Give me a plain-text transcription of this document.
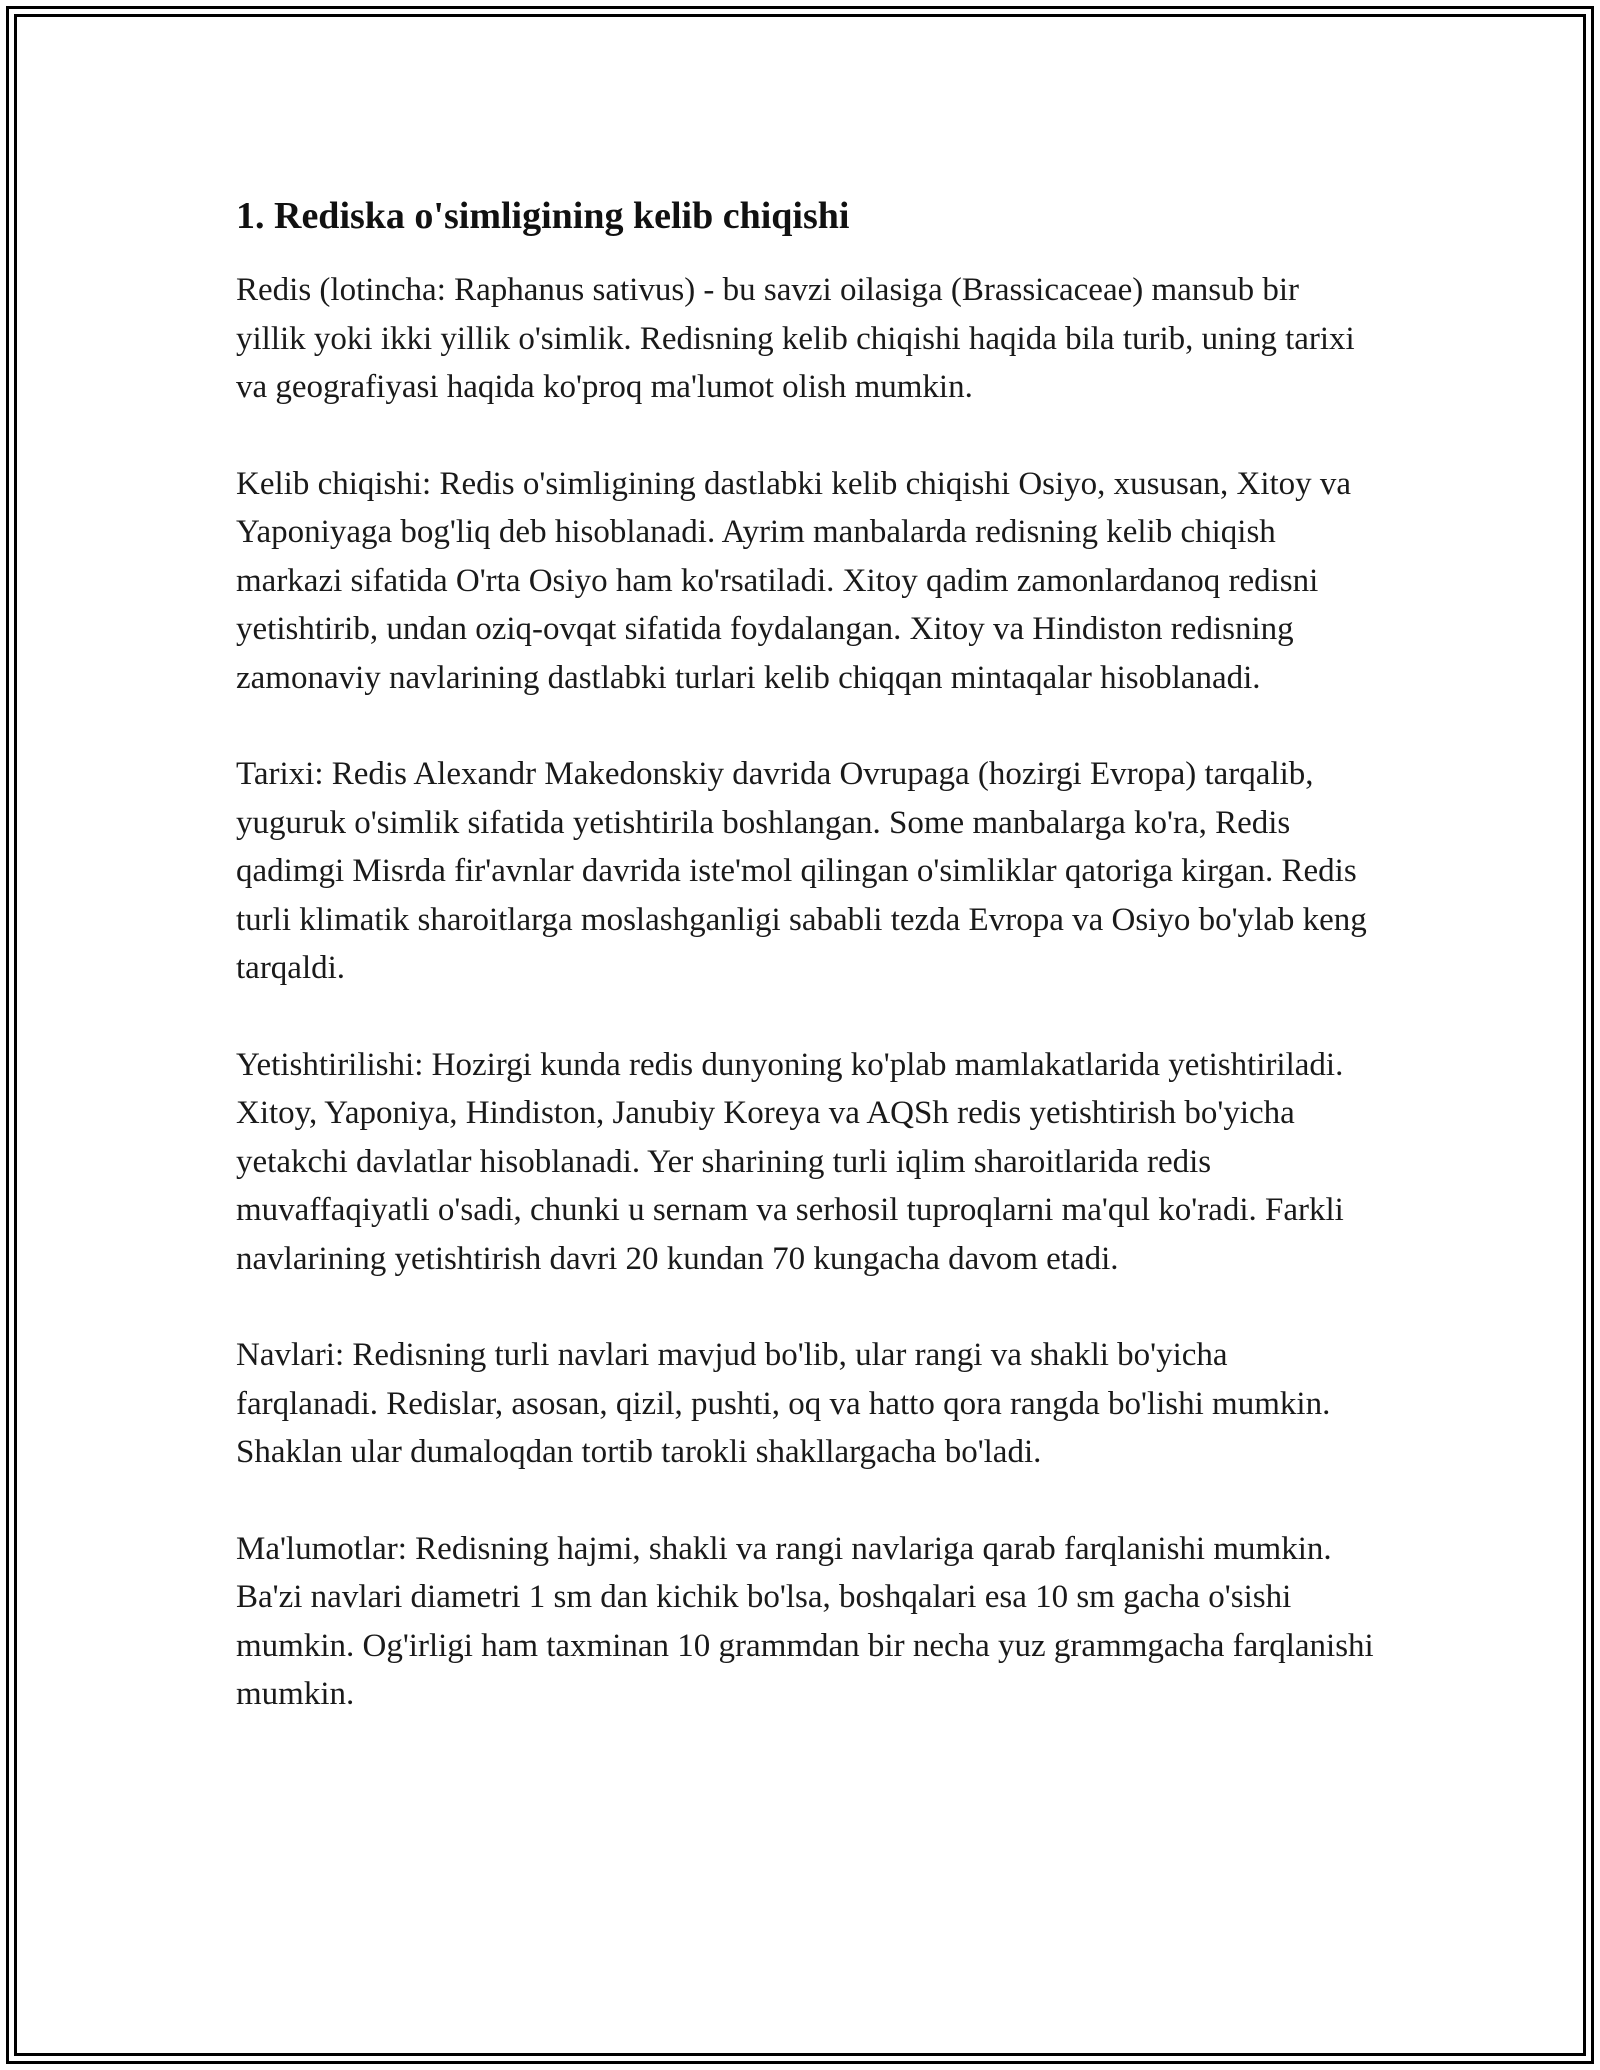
1. Rediska o'simligining kelib chiqishi

Redis (lotincha: Raphanus sativus) - bu savzi oilasiga (Brassicaceae) mansub bir yillik yoki ikki yillik o'simlik. Redisning kelib chiqishi haqida bila turib, uning tarixi va geografiyasi haqida ko'proq ma'lumot olish mumkin.

Kelib chiqishi: Redis o'simligining dastlabki kelib chiqishi Osiyo, xususan, Xitoy va Yaponiyaga bog'liq deb hisoblanadi. Ayrim manbalarda redisning kelib chiqish markazi sifatida O'rta Osiyo ham ko'rsatiladi. Xitoy qadim zamonlardanoq redisni yetishtirib, undan oziq-ovqat sifatida foydalangan. Xitoy va Hindiston redisning zamonaviy navlarining dastlabki turlari kelib chiqqan mintaqalar hisoblanadi.

Tarixi: Redis Alexandr Makedonskiy davrida Ovrupaga (hozirgi Evropa) tarqalib, yuguruk o'simlik sifatida yetishtirila boshlangan. Some manbalarga ko'ra, Redis qadimgi Misrda fir'avnlar davrida iste'mol qilingan o'simliklar qatoriga kirgan. Redis turli klimatik sharoitlarga moslashganligi sababli tezda Evropa va Osiyo bo'ylab keng tarqaldi.

Yetishtirilishi: Hozirgi kunda redis dunyoning ko'plab mamlakatlarida yetishtiriladi. Xitoy, Yaponiya, Hindiston, Janubiy Koreya va AQSh redis yetishtirish bo'yicha yetakchi davlatlar hisoblanadi. Yer sharining turli iqlim sharoitlarida redis muvaffaqiyatli o'sadi, chunki u sernam va serhosil tuproqlarni ma'qul ko'radi. Farkli navlarining yetishtirish davri 20 kundan 70 kungacha davom etadi.

Navlari: Redisning turli navlari mavjud bo'lib, ular rangi va shakli bo'yicha farqlanadi. Redislar, asosan, qizil, pushti, oq va hatto qora rangda bo'lishi mumkin. Shaklan ular dumaloqdan tortib tarokli shakllargacha bo'ladi.

Ma'lumotlar: Redisning hajmi, shakli va rangi navlariga qarab farqlanishi mumkin. Ba'zi navlari diametri 1 sm dan kichik bo'lsa, boshqalari esa 10 sm gacha o'sishi mumkin. Og'irligi ham taxminan 10 grammdan bir necha yuz grammgacha farqlanishi mumkin.
